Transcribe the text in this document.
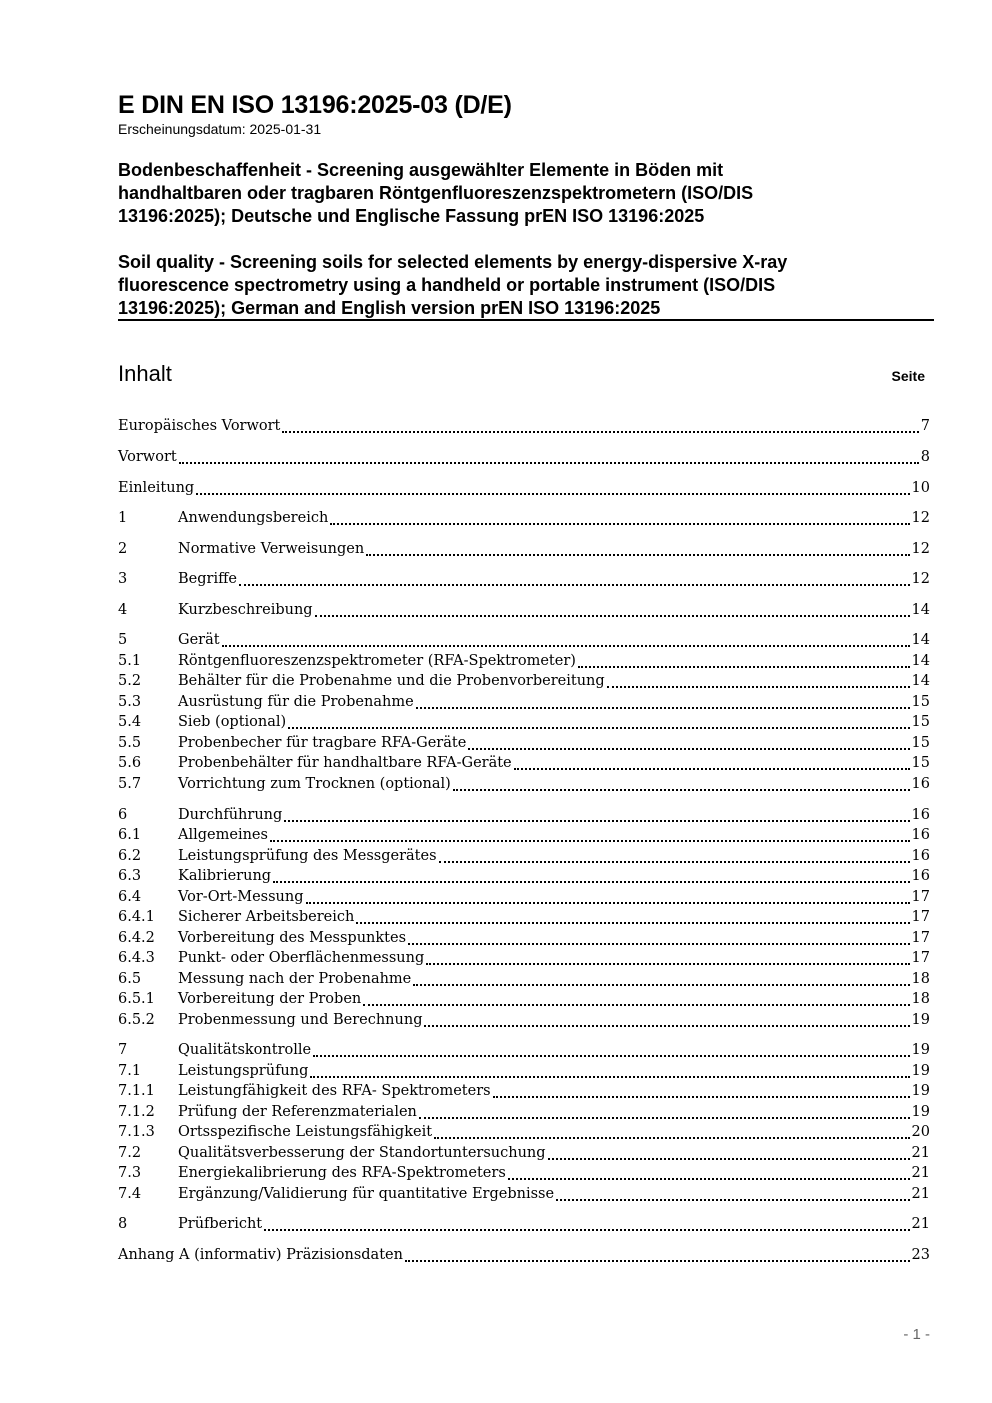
E DIN EN ISO 13196:2025-03 (D/E)
Erscheinungsdatum: 2025-01-31
Bodenbeschaffenheit - Screening ausgewählter Elemente in Böden mit
handhaltbaren oder tragbaren Röntgenfluoreszenzspektrometern (ISO/DIS
13196:2025); Deutsche und Englische Fassung prEN ISO 13196:2025
Soil quality - Screening soils for selected elements by energy-dispersive X-ray
fluorescence spectrometry using a handheld or portable instrument (ISO/DIS
13196:2025); German and English version prEN ISO 13196:2025
Inhalt	Seite
Europäisches Vorwort	7
Vorwort	8
Einleitung	10
1	Anwendungsbereich	12
2	Normative Verweisungen	12
3	Begriffe	12
4	Kurzbeschreibung	14
5	Gerät	14
5.1	Röntgenfluoreszenzspektrometer (RFA-Spektrometer)	14
5.2	Behälter für die Probenahme und die Probenvorbereitung	14
5.3	Ausrüstung für die Probenahme	15
5.4	Sieb (optional)	15
5.5	Probenbecher für tragbare RFA-Geräte	15
5.6	Probenbehälter für handhaltbare RFA-Geräte	15
5.7	Vorrichtung zum Trocknen (optional)	16
6	Durchführung	16
6.1	Allgemeines	16
6.2	Leistungsprüfung des Messgerätes	16
6.3	Kalibrierung	16
6.4	Vor-Ort-Messung	17
6.4.1	Sicherer Arbeitsbereich	17
6.4.2	Vorbereitung des Messpunktes	17
6.4.3	Punkt- oder Oberflächenmessung	17
6.5	Messung nach der Probenahme	18
6.5.1	Vorbereitung der Proben	18
6.5.2	Probenmessung und Berechnung	19
7	Qualitätskontrolle	19
7.1	Leistungsprüfung	19
7.1.1	Leistungfähigkeit des RFA- Spektrometers	19
7.1.2	Prüfung der Referenzmaterialen	19
7.1.3	Ortsspezifische Leistungsfähigkeit	20
7.2	Qualitätsverbesserung der Standortuntersuchung	21
7.3	Energiekalibrierung des RFA-Spektrometers	21
7.4	Ergänzung/Validierung für quantitative Ergebnisse	21
8	Prüfbericht	21
Anhang A (informativ) Präzisionsdaten	23
- 1 -
